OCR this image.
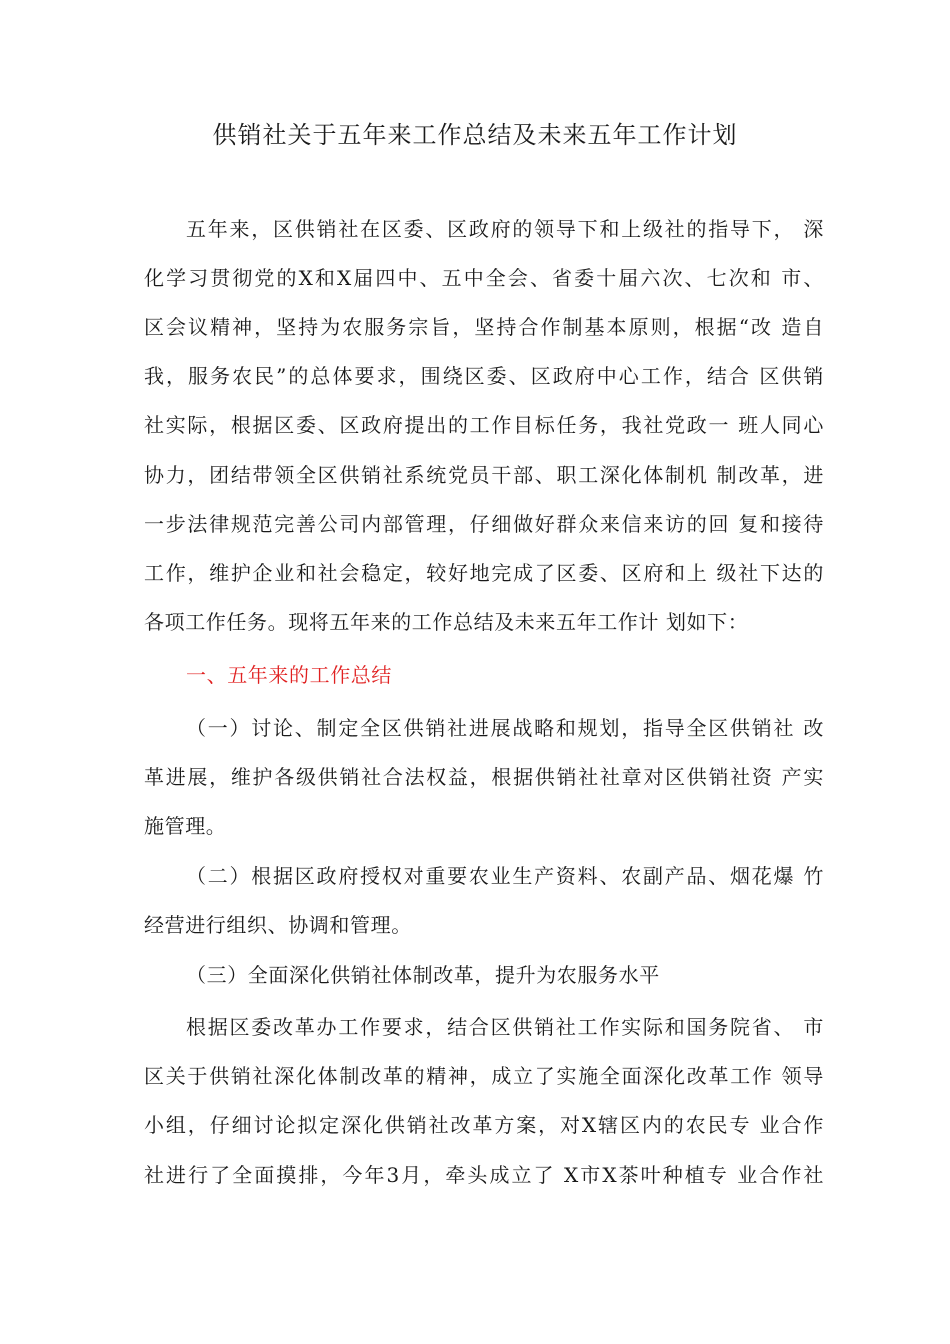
供销社关于五年来工作总结及未来五年工作计划
五年来，区供销社在区委、区政府的领导下和上级社的指导下， 深
化学习贯彻党的X和X届四中、五中全会、省委十届六次、七次和 市、
区会议精神，坚持为农服务宗旨，坚持合作制基本原则，根据“改 造自
我，服务农民”的总体要求，围绕区委、区政府中心工作，结合 区供销
社实际，根据区委、区政府提出的工作目标任务，我社党政一 班人同心
协力，团结带领全区供销社系统党员干部、职工深化体制机 制改革，进
一步法律规范完善公司内部管理，仔细做好群众来信来访的回 复和接待
工作，维护企业和社会稳定，较好地完成了区委、区府和上 级社下达的
各项工作任务。现将五年来的工作总结及未来五年工作计 划如下：
一、五年来的工作总结
（一）讨论、制定全区供销社进展战略和规划，指导全区供销社 改
革进展，维护各级供销社合法权益，根据供销社社章对区供销社资 产实
施管理。
（二）根据区政府授权对重要农业生产资料、农副产品、烟花爆 竹
经营进行组织、协调和管理。
（三）全面深化供销社体制改革，提升为农服务水平
根据区委改革办工作要求，结合区供销社工作实际和国务院省、 市
区关于供销社深化体制改革的精神，成立了实施全面深化改革工作 领导
小组，仔细讨论拟定深化供销社改革方案，对X辖区内的农民专 业合作
社进行了全面摸排，今年3月，牵头成立了 X市X茶叶种植专 业合作社
